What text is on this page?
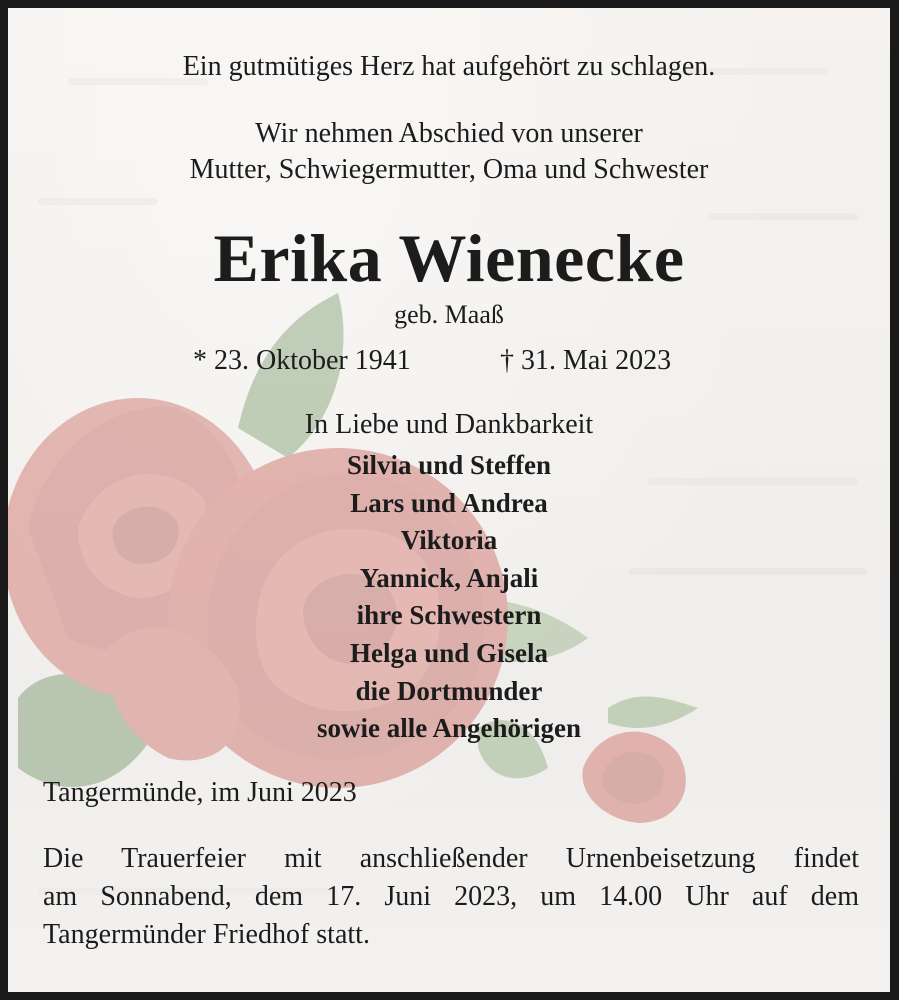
Ein gutmütiges Herz hat aufgehört zu schlagen.
Wir nehmen Abschied von unserer
Mutter, Schwiegermutter, Oma und Schwester
Erika Wienecke
geb. Maaß
* 23. Oktober 1941	† 31. Mai 2023
In Liebe und Dankbarkeit
Silvia und Steffen
Lars und Andrea
Viktoria
Yannick, Anjali
ihre Schwestern
Helga und Gisela
die Dortmunder
sowie alle Angehörigen
Tangermünde, im Juni 2023
Die Trauerfeier mit anschließender Urnenbeisetzung findet
am Sonnabend, dem 17. Juni 2023, um 14.00 Uhr auf dem
Tangermünder Friedhof statt.
